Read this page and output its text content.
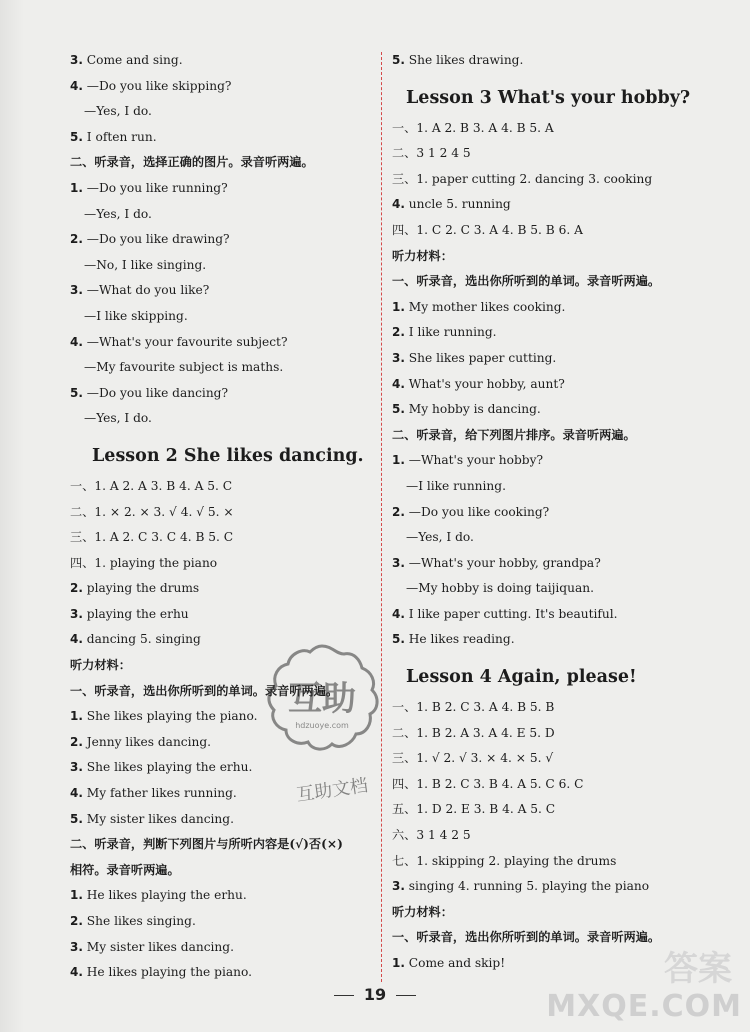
3. Come and sing.
4. —Do you like skipping?
—Yes, I do.
5. I often run.
二、听录音，选择正确的图片。录音听两遍。
1. —Do you like running?
—Yes, I do.
2. —Do you like drawing?
—No, I like singing.
3. —What do you like?
—I like skipping.
4. —What's your favourite subject?
—My favourite subject is maths.
5. —Do you like dancing?
—Yes, I do.
Lesson 2 She likes dancing.
一、1. A 2. A 3. B 4. A 5. C
二、1. × 2. × 3. √ 4. √ 5. ×
三、1. A 2. C 3. C 4. B 5. C
四、1. playing the piano
2. playing the drums
3. playing the erhu
4. dancing 5. singing
听力材料：
一、听录音，选出你所听到的单词。录音听两遍。
1. She likes playing the piano.
2. Jenny likes dancing.
3. She likes playing the erhu.
4. My father likes running.
5. My sister likes dancing.
二、听录音，判断下列图片与所听内容是(√)否(×)
相符。录音听两遍。
1. He likes playing the erhu.
2. She likes singing.
3. My sister likes dancing.
4. He likes playing the piano.
5. She likes drawing.
Lesson 3 What's your hobby?
一、1. A 2. B 3. A 4. B 5. A
二、3 1 2 4 5
三、1. paper cutting 2. dancing 3. cooking
4. uncle 5. running
四、1. C 2. C 3. A 4. B 5. B 6. A
听力材料：
一、听录音，选出你所听到的单词。录音听两遍。
1. My mother likes cooking.
2. I like running.
3. She likes paper cutting.
4. What's your hobby, aunt?
5. My hobby is dancing.
二、听录音，给下列图片排序。录音听两遍。
1. —What's your hobby?
—I like running.
2. —Do you like cooking?
—Yes, I do.
3. —What's your hobby, grandpa?
—My hobby is doing taijiquan.
4. I like paper cutting. It's beautiful.
5. He likes reading.
Lesson 4 Again, please!
一、1. B 2. C 3. A 4. B 5. B
二、1. B 2. A 3. A 4. E 5. D
三、1. √ 2. √ 3. × 4. × 5. √
四、1. B 2. C 3. B 4. A 5. C 6. C
五、1. D 2. E 3. B 4. A 5. C
六、3 1 4 2 5
七、1. skipping 2. playing the drums
3. singing 4. running 5. playing the piano
听力材料：
一、听录音，选出你所听到的单词。录音听两遍。
1. Come and skip!
互助
hdzuoye.com
互助文档
19
答案
MXQE.COM
